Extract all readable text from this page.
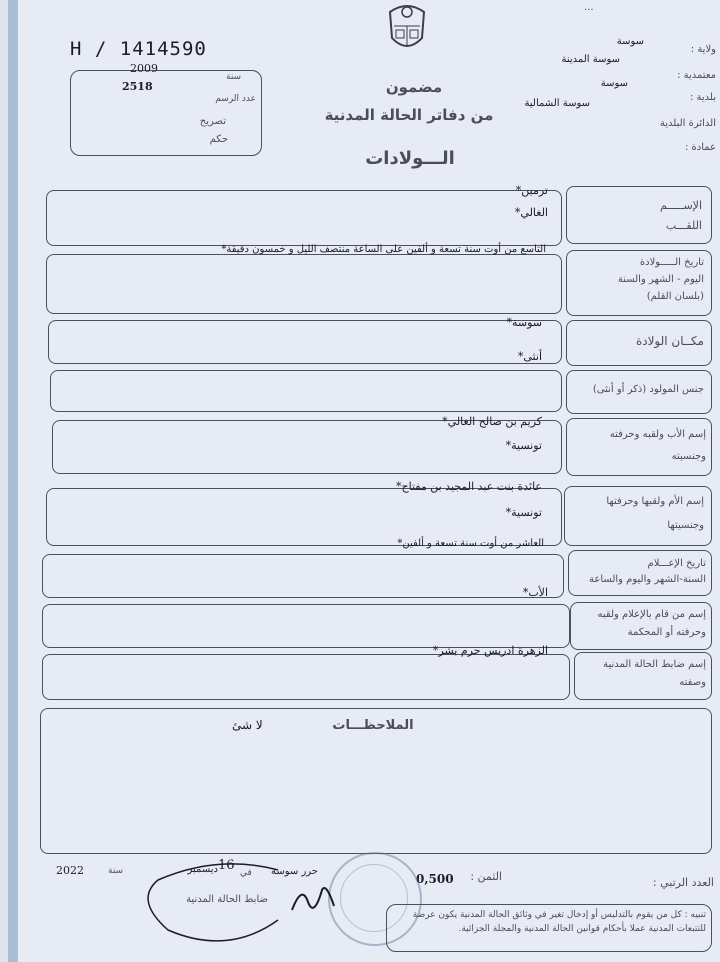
...
H / 1414590
سنة
2009
2518
عدد الرسم
تصريح
حكم
ولاية :
سوسة
سوسة المدينة
معتمدية :
سوسة
بلدية :
سوسة الشمالية
الدائرة البلدية
عمادة :
مضمون
من دفاتر الحالة المدنية
الـــولادات
الإســـــم
اللقـــب
ترمين*
الغالي*
تاريخ الـــــولادة
اليوم - الشهر والسنة
(بلسان القلم)
التاسع من أوت سنة تسعة و ألفين على الساعة منتصف الليل و خمسون دقيقة*
مكــان الولادة
سوسة*
جنس المولود (ذكر أو أنثى)
أنثى*
إسم الأب ولقبه وحرفته
وجنسيته
كريم بن صالح الغالي*
تونسية*
إسم الأم ولقبها وحرفتها
وجنسيتها
عائدة بنت عبد المجيد بن مفتاح*
تونسية*
تاريخ الإعـــلام
السنة-الشهر واليوم والساعة
العاشر من أوت سنة تسعة و ألفين*
إسم من قام بالإعلام ولقبه
وحرفته أو المحكمة
الأب*
إسم ضابط الحالة المدنية
وصفته
الزهرة ادريس حرم بشر*
الملاحظـــات
لا شئ
العدد الرتبي :
الثمن :
0,500
حرر سوسة
في
16
ديسمبر
سنة
2022
ضابط الحالة المدنية
تنبيه : كل من يقوم بالتدليس أو إدخال تغير في وثائق الحالة المدنية يكون عرضة للتتبعات المدنية عملا بأحكام قوانين الحالة المدنية والمجلة الجزائية.
